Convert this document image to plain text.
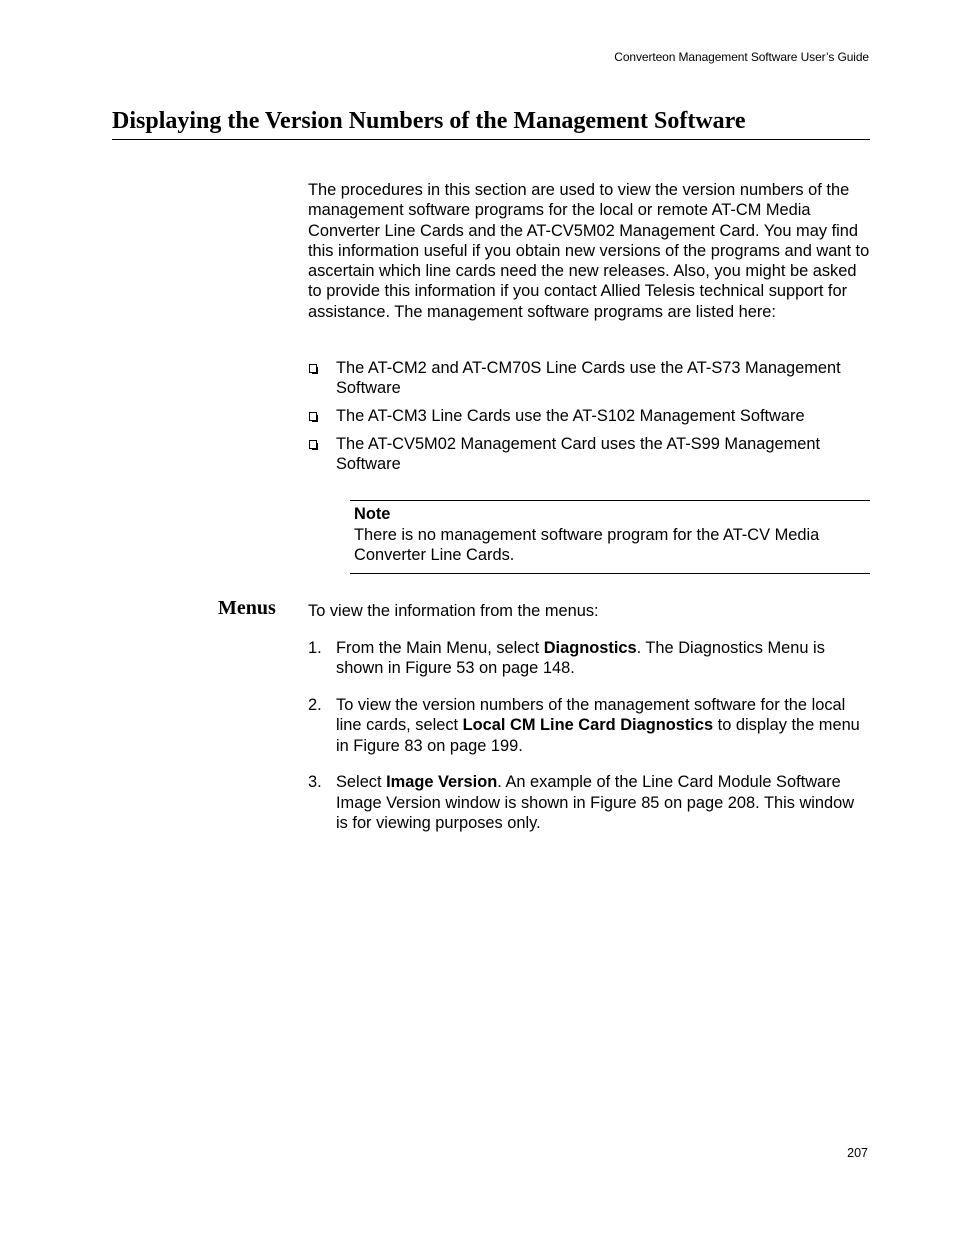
Converteon Management Software User’s Guide
Displaying the Version Numbers of the Management Software

The procedures in this section are used to view the version numbers of the management software programs for the local or remote AT-CM Media Converter Line Cards and the AT-CV5M02 Management Card. You may find this information useful if you obtain new versions of the programs and want to ascertain which line cards need the new releases. Also, you might be asked to provide this information if you contact Allied Telesis technical support for assistance. The management software programs are listed here:

The AT-CM2 and AT-CM70S Line Cards use the AT-S73 Management Software
The AT-CM3 Line Cards use the AT-S102 Management Software
The AT-CV5M02 Management Card uses the AT-S99 Management Software
Note
There is no management software program for the AT-CV Media Converter Line Cards.
Menus To view the information from the menus:

1. From the Main Menu, select Diagnostics. The Diagnostics Menu is shown in Figure 53 on page 148.
2. To view the version numbers of the management software for the local line cards, select Local CM Line Card Diagnostics to display the menu in Figure 83 on page 199.
3. Select Image Version. An example of the Line Card Module Software Image Version window is shown in Figure 85 on page 208. This window is for viewing purposes only.
207
